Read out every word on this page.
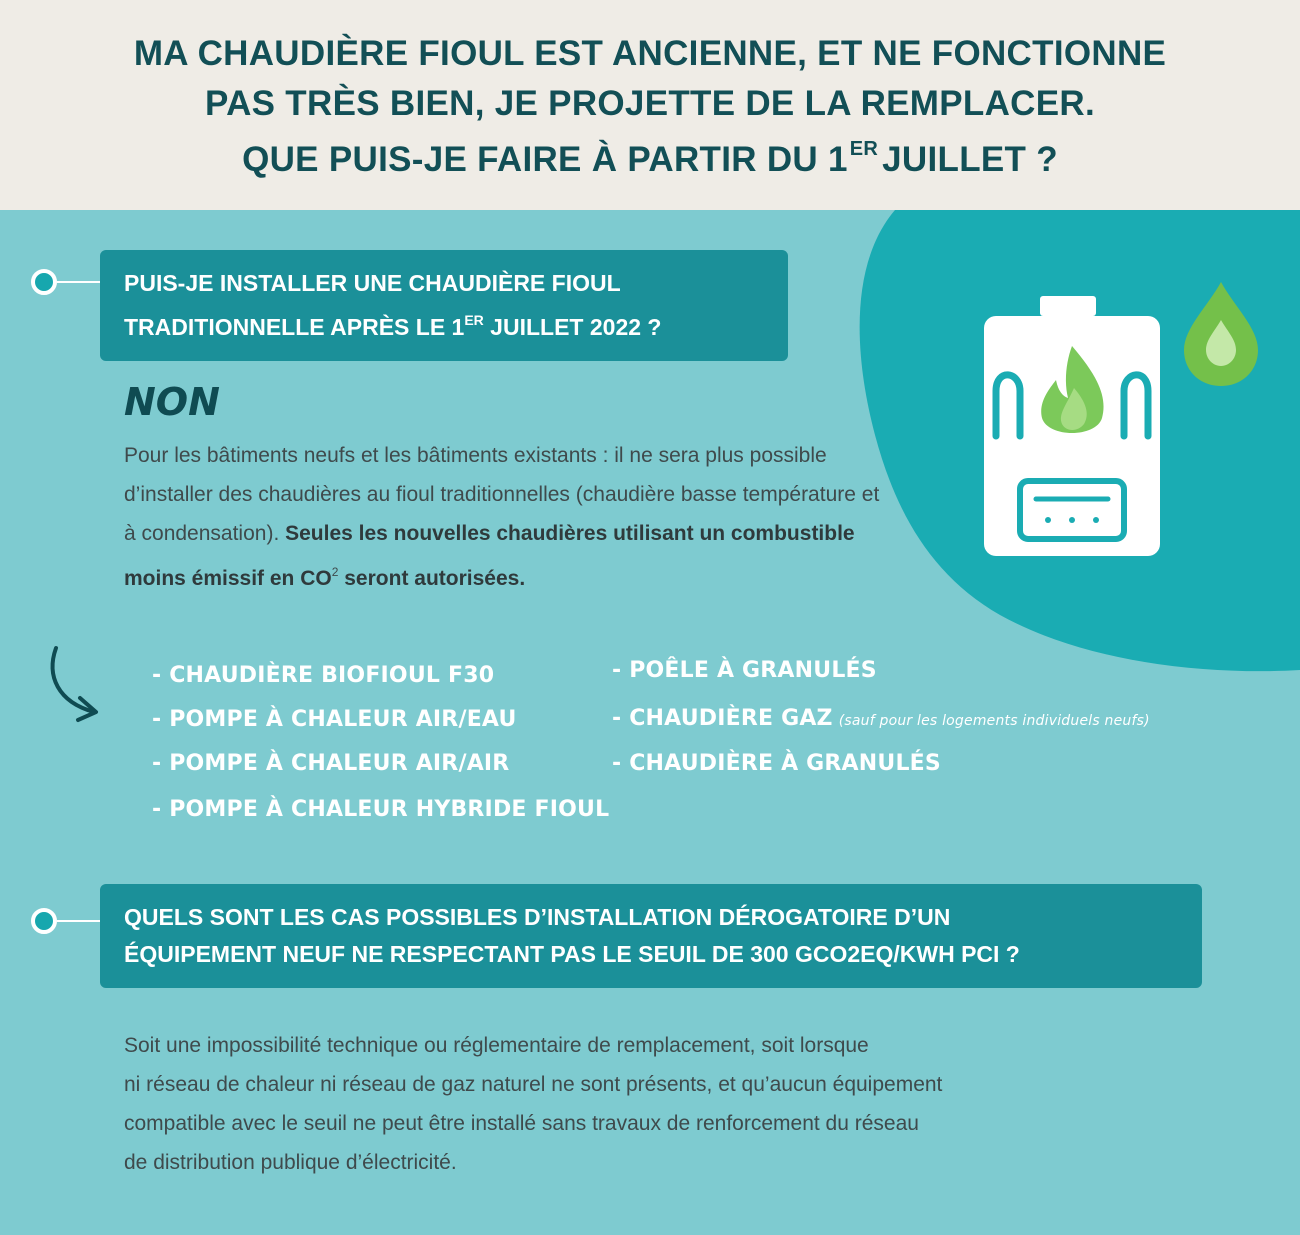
MA CHAUDIÈRE FIOUL EST ANCIENNE, ET NE FONCTIONNE
PAS TRÈS BIEN, JE PROJETTE DE LA REMPLACER.
QUE PUIS-JE FAIRE À PARTIR DU 1 $^{ER}$ JUILLET ?
PUIS-JE INSTALLER UNE CHAUDIÈRE FIOUL
TRADITIONNELLE APRÈS LE 1ER JUILLET 2022 ?
NON
Pour les bâtiments neufs et les bâtiments existants : il ne sera plus possible d’installer des chaudières au fioul traditionnelles (chaudière basse température et à condensation). Seules les nouvelles chaudières utilisant un combustible moins émissif en $CO^2$ seront autorisées.
- CHAUDIÈRE BIOFIOUL F30
- POMPE À CHALEUR AIR/EAU
- POMPE À CHALEUR AIR/AIR
- POMPE À CHALEUR HYBRIDE FIOUL
- POÊLE À GRANULÉS
- CHAUDIÈRE GAZ (sauf pour les logements individuels neufs)
- CHAUDIÈRE À GRANULÉS
QUELS SONT LES CAS POSSIBLES D’INSTALLATION DÉROGATOIRE D’UN
ÉQUIPEMENT NEUF NE RESPECTANT PAS LE SEUIL DE 300 GCO2EQ/KWH PCI ?
Soit une impossibilité technique ou réglementaire de remplacement, soit lorsque
ni réseau de chaleur ni réseau de gaz naturel ne sont présents, et qu’aucun équipement
compatible avec le seuil ne peut être installé sans travaux de renforcement du réseau
de distribution publique d’électricité.
